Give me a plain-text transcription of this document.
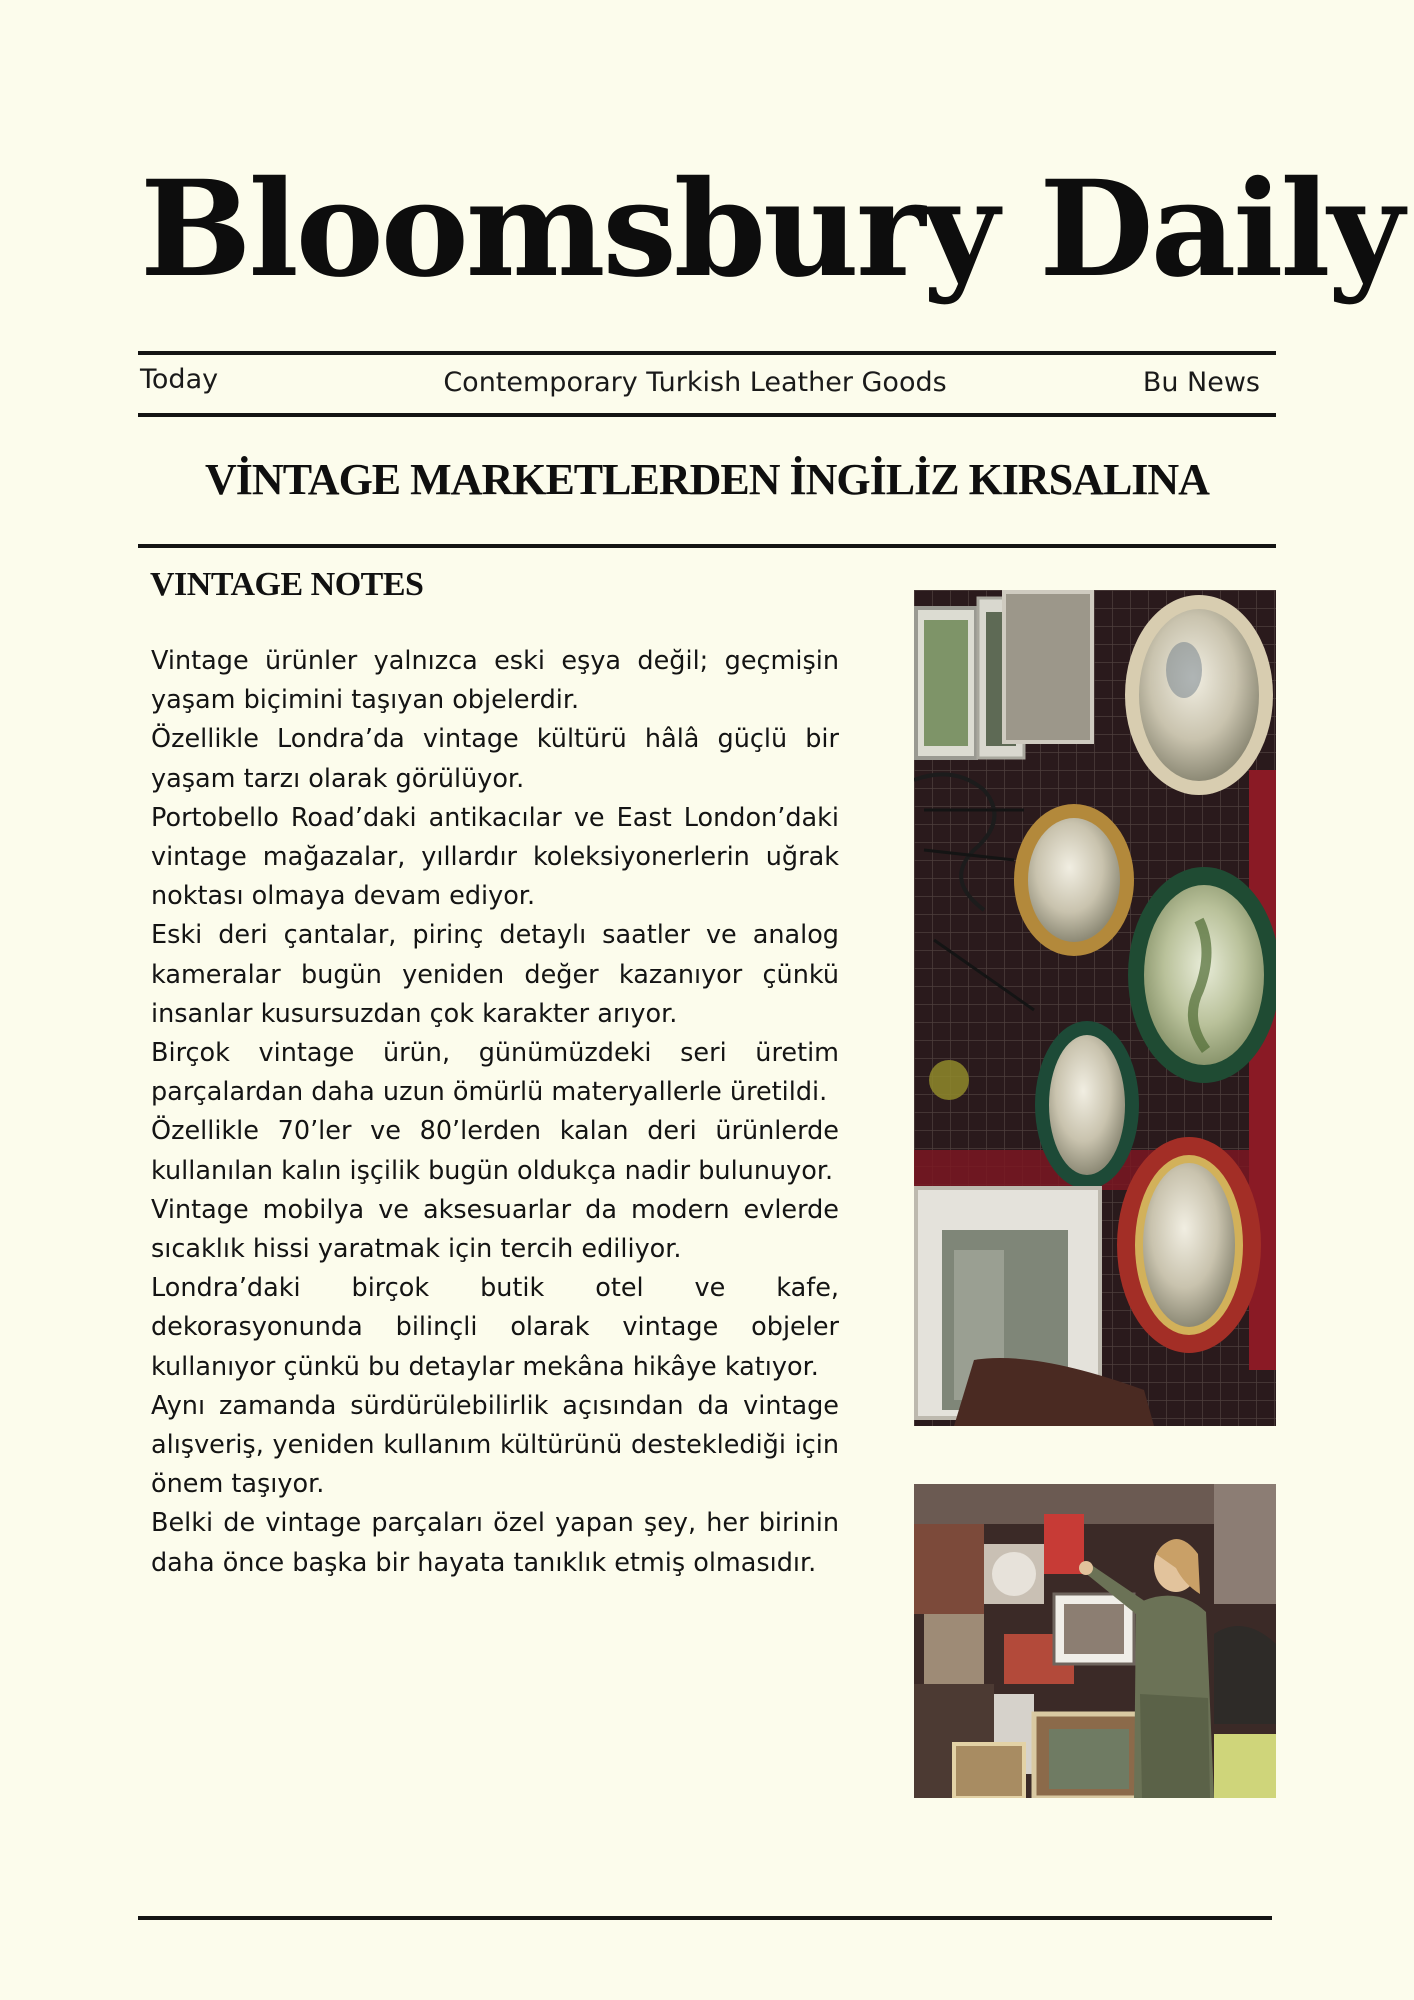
Bloomsbury Daily
Today	Contemporary Turkish Leather Goods	Bu News
VİNTAGE MARKETLERDEN İNGİLİZ KIRSALINA
VINTAGE NOTES

Vintage ürünler yalnızca eski eşya değil; geçmişin yaşam biçimini taşıyan objelerdir.

Özellikle Londra’da vintage kültürü hâlâ güçlü bir yaşam tarzı olarak görülüyor.

Portobello Road’daki antikacılar ve East London’daki vintage mağazalar, yıllardır koleksiyonerlerin uğrak noktası olmaya devam ediyor.

Eski deri çantalar, pirinç detaylı saatler ve analog kameralar bugün yeniden değer kazanıyor çünkü insanlar kusursuzdan çok karakter arıyor.

Birçok vintage ürün, günümüzdeki seri üretim parçalardan daha uzun ömürlü materyallerle üretildi.

Özellikle 70’ler ve 80’lerden kalan deri ürünlerde kullanılan kalın işçilik bugün oldukça nadir bulunuyor.

Vintage mobilya ve aksesuarlar da modern evlerde sıcaklık hissi yaratmak için tercih ediliyor.

Londra’daki birçok butik otel ve kafe, dekorasyonunda bilinçli olarak vintage objeler kullanıyor çünkü bu detaylar mekâna hikâye katıyor.

Aynı zamanda sürdürülebilirlik açısından da vintage alışveriş, yeniden kullanım kültürünü desteklediği için önem taşıyor.

Belki de vintage parçaları özel yapan şey, her birinin daha önce başka bir hayata tanıklık etmiş olmasıdır.
